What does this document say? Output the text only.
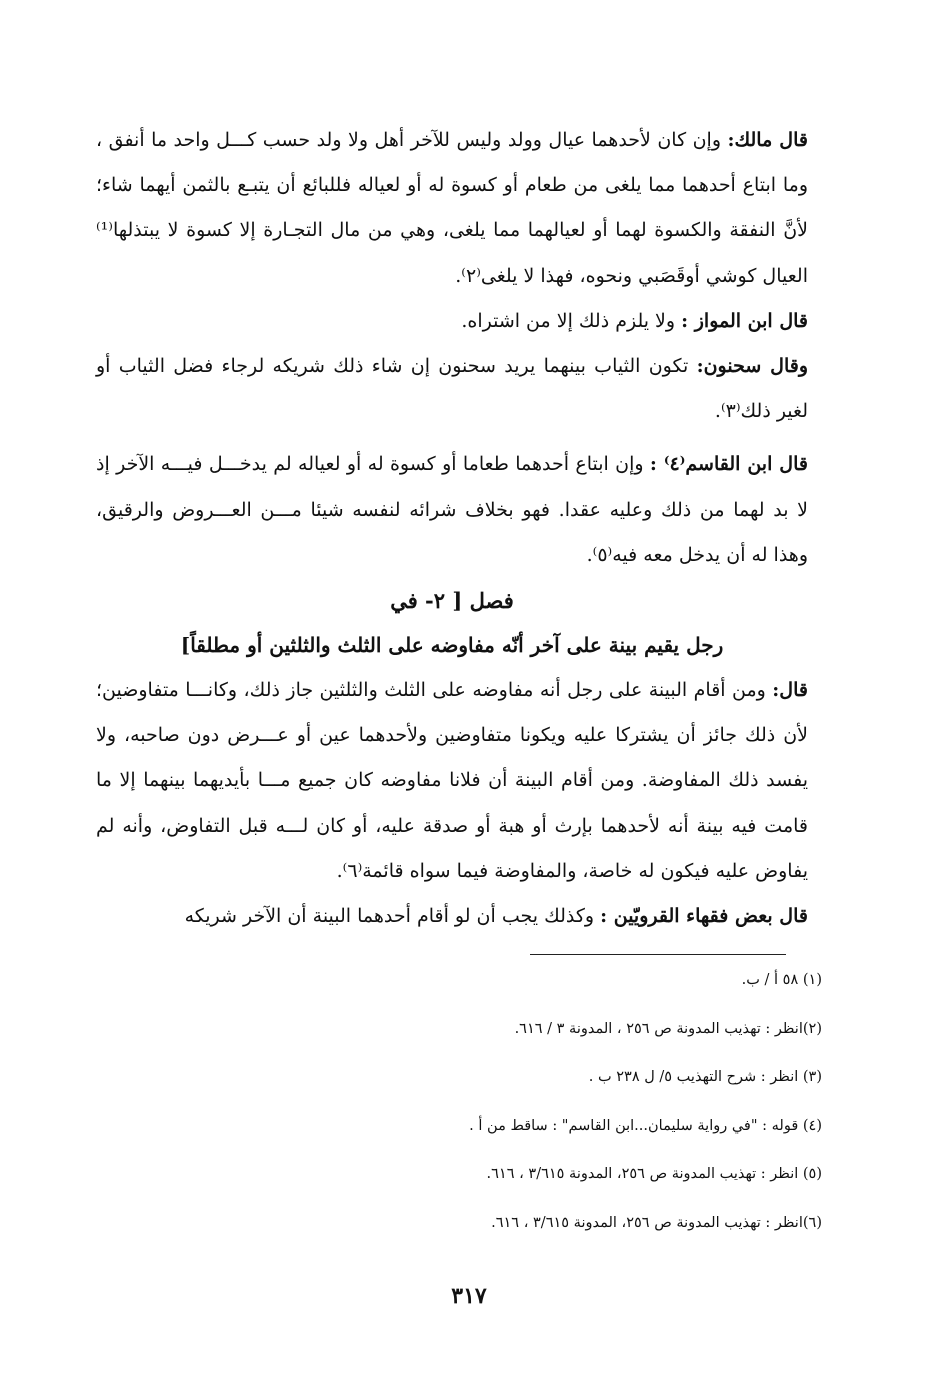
قال مالك: وإن كان لأحدهما عيال وولد وليس للآخر أهل ولا ولد حسب كـــل واحد ما أنفق ، وما ابتاع أحدهما مما يلغى من طعام أو كسوة له أو لعياله فللبائع أن يتبـع بالثمن أيهما شاء؛ لأنَّ النفقة والكسوة لهما أو لعيالهما مما يلغى، وهي من مال التجـارة إلا كسوة لا يبتذلها⁽¹⁾ العيال كوشي أوقَصَبي ونحوه، فهذا لا يلغى⁽٢⁾.

قال ابن المواز : ولا يلزم ذلك إلا من اشتراه.

وقال سحنون: تكون الثياب بينهما يريد سحنون إن شاء ذلك شريكه لرجاء فضل الثياب أو لغير ذلك⁽٣⁾.

قال ابن القاسم⁽٤⁾ : وإن ابتاع أحدهما طعاما أو كسوة له أو لعياله لم يدخـــل فيـــه الآخر إذ لا بد لهما من ذلك وعليه عقدا. فهو بخلاف شرائه لنفسه شيئا مـــن العـــروض والرقيق، وهذا له أن يدخل معه فيه⁽٥⁾.

فصل [ ٢- في

رجل يقيم بينة على آخر أنّه مفاوضه على الثلث والثلثين أو مطلقاً]

قال: ومن أقام البينة على رجل أنه مفاوضه على الثلث والثلثين جاز ذلك، وكانـــا متفاوضين؛ لأن ذلك جائز أن يشتركا عليه ويكونا متفاوضين ولأحدهما عين أو عـــرض دون صاحبه، ولا يفسد ذلك المفاوضة. ومن أقام البينة أن فلانا مفاوضه كان جميع مـــا بأيديهما بينهما إلا ما قامت فيه بينة أنه لأحدهما بإرث أو هبة أو صدقة عليه، أو كان لـــه قبل التفاوض، وأنه لم يفاوض عليه فيكون له خاصة، والمفاوضة فيما سواه قائمة⁽٦⁾.

قال بعض فقهاء القرويّين : وكذلك يجب أن لو أقام أحدهما البينة أن الآخر شريكه

(١) ٥٨ أ / ب.

(٢)انظر : تهذيب المدونة ص ٢٥٦ ، المدونة ٣ / ٦١٦.

(٣) انظر : شرح التهذيب ٥/ ل ٢٣٨ ب .

(٤) قوله : "في رواية سليمان...ابن القاسم" : ساقط من أ .

(٥) انظر : تهذيب المدونة ص ٢٥٦، المدونة ٣/٦١٥ ، ٦١٦.

(٦)انظر : تهذيب المدونة ص ٢٥٦، المدونة ٣/٦١٥ ، ٦١٦.

٣١٧
